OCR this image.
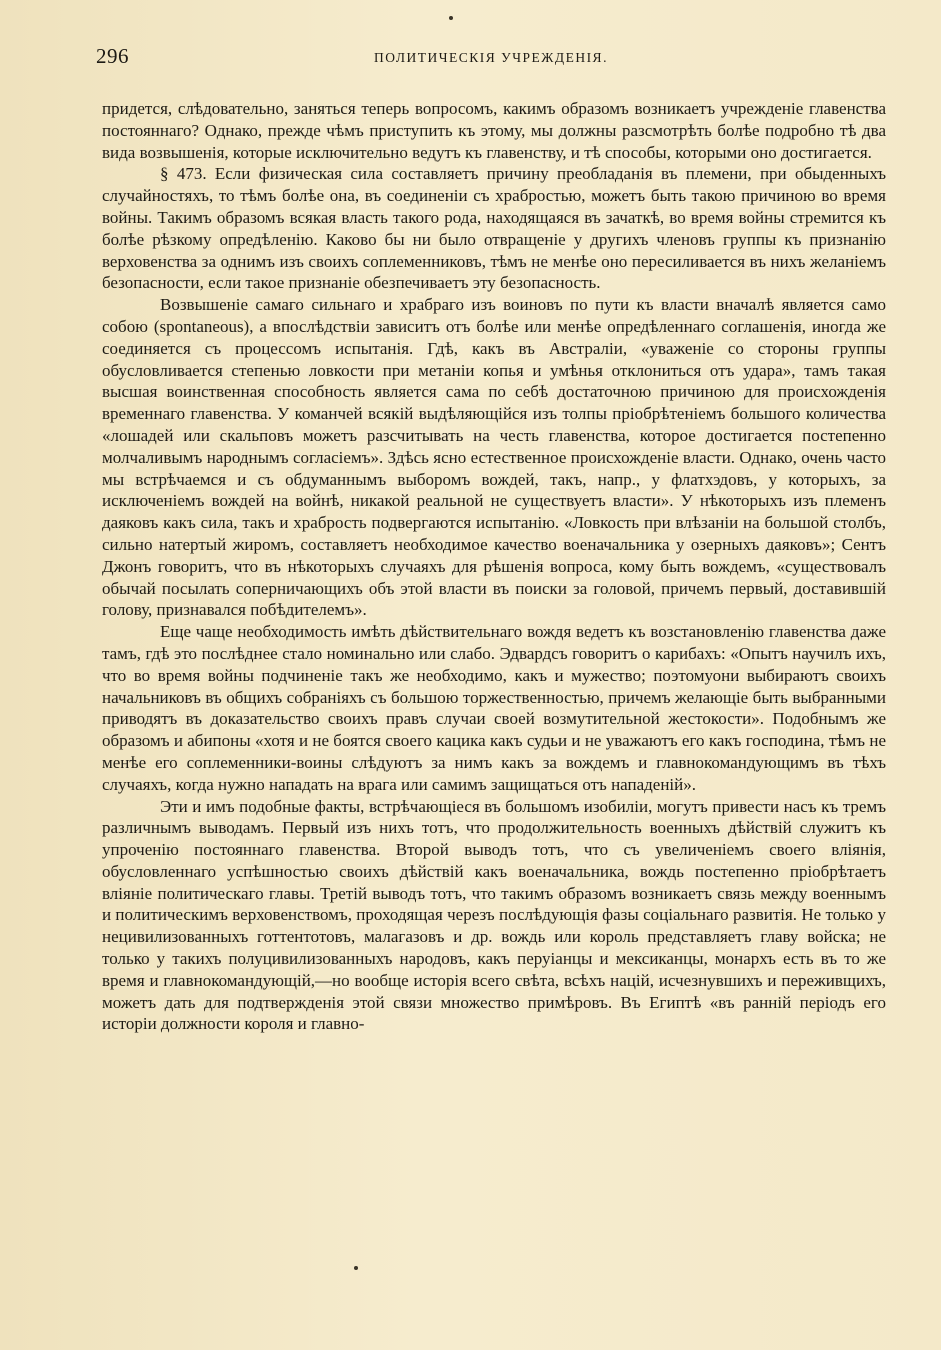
296	ПОЛИТИЧЕСКІЯ УЧРЕЖДЕНІЯ.

придется, слѣдовательно, заняться теперь вопросомъ, какимъ образомъ возникаетъ учрежденіе главенства постояннаго? Однако, прежде чѣмъ приступить къ этому, мы должны разсмотрѣть болѣе подробно тѣ два вида возвышенія, которые исключительно ведутъ къ главенству, и тѣ способы, которыми оно достигается.

§ 473. Если физическая сила составляетъ причину преобладанія въ племени, при обыденныхъ случайностяхъ, то тѣмъ болѣе она, въ соединеніи съ храбростью, можетъ быть такою причиною во время войны. Такимъ образомъ всякая власть такого рода, находящаяся въ зачаткѣ, во время войны стремится къ болѣе рѣзкому опредѣленію. Каково бы ни было отвращеніе у другихъ членовъ группы къ признанію верховенства за однимъ изъ своихъ соплеменниковъ, тѣмъ не менѣе оно пересиливается въ нихъ желаніемъ безопасности, если такое признаніе обезпечиваетъ эту безопасность.

Возвышеніе самаго сильнаго и храбраго изъ воиновъ по пути къ власти вначалѣ является само собою (spontaneous), а впослѣдствіи зависитъ отъ болѣе или менѣе опредѣленнаго соглашенія, иногда же соединяется съ процессомъ испытанія. Гдѣ, какъ въ Австраліи, «уваженіе со стороны группы обусловливается степенью ловкости при метаніи копья и умѣнья отклониться отъ удара», тамъ такая высшая воинственная способность является сама по себѣ достаточною причиною для происхожденія временнаго главенства. У команчей всякій выдѣляющійся изъ толпы пріобрѣтеніемъ большого количества «лошадей или скальповъ можетъ разсчитывать на честь главенства, которое достигается постепенно молчаливымъ народнымъ согласіемъ». Здѣсь ясно естественное происхожденіе власти. Однако, очень часто мы встрѣчаемся и съ обдуманнымъ выборомъ вождей, такъ, напр., у флатхэдовъ, у которыхъ, за исключеніемъ вождей на войнѣ, никакой реальной не существуетъ власти». У нѣкоторыхъ изъ племенъ даяковъ какъ сила, такъ и храбрость подвергаются испытанію. «Ловкость при влѣзаніи на большой столбъ, сильно натертый жиромъ, составляетъ необходимое качество военачальника у озерныхъ даяковъ»; Сентъ Джонъ говоритъ, что въ нѣкоторыхъ случаяхъ для рѣшенія вопроса, кому быть вождемъ, «существовалъ обычай посылать соперничающихъ объ этой власти въ поиски за головой, причемъ первый, доставившій голову, признавался побѣдителемъ».

Еще чаще необходимость имѣть дѣйствительнаго вождя ведетъ къ возстановленію главенства даже тамъ, гдѣ это послѣднее стало номинально или слабо. Эдвардсъ говоритъ о карибахъ: «Опытъ научилъ ихъ, что во время войны подчиненіе такъ же необходимо, какъ и мужество; поэтомуони выбираютъ своихъ начальниковъ въ общихъ собраніяхъ съ большою торжественностью, причемъ желающіе быть выбранными приводятъ въ доказательство своихъ правъ случаи своей возмутительной жестокости». Подобнымъ же образомъ и абипоны «хотя и не боятся своего кацика какъ судьи и не уважаютъ его какъ господина, тѣмъ не менѣе его соплеменники-воины слѣдуютъ за нимъ какъ за вождемъ и главнокомандующимъ въ тѣхъ случаяхъ, когда нужно нападать на врага или самимъ защищаться отъ нападеній».

Эти и имъ подобные факты, встрѣчающіеся въ большомъ изобиліи, могутъ привести насъ къ тремъ различнымъ выводамъ. Первый изъ нихъ тотъ, что продолжительность военныхъ дѣйствій служитъ къ упроченію постояннаго главенства. Второй выводъ тотъ, что съ увеличеніемъ своего вліянія, обусловленнаго успѣшностью своихъ дѣйствій какъ военачальника, вождь постепенно пріобрѣтаетъ вліяніе политическаго главы. Третій выводъ тотъ, что такимъ образомъ возникаетъ связь между военнымъ и политическимъ верховенствомъ, проходящая черезъ послѣдующія фазы соціальнаго развитія. Не только у нецивилизованныхъ готтентотовъ, малагазовъ и др. вождь или король представляетъ главу войска; не только у такихъ полуцивилизованныхъ народовъ, какъ перуіанцы и мексиканцы, монархъ есть въ то же время и главнокомандующій,—но вообще исторія всего свѣта, всѣхъ націй, исчезнувшихъ и переживщихъ, можетъ дать для подтвержденія этой связи множество примѣровъ. Въ Египтѣ «въ ранній періодъ его исторіи должности короля и главно-
